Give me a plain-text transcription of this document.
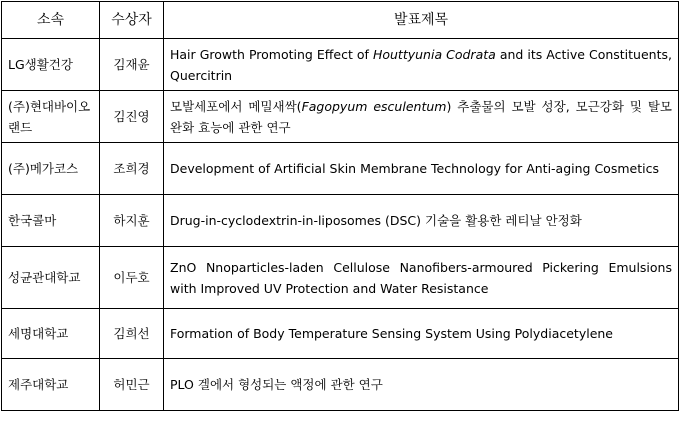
소속	수상자	발표제목
LG생활건강	김재윤	Hair Growth Promoting Effect of Houttyunia Codrata and its Active Constituents, Quercitrin
(주)현대바이오랜드	김진영	모발세포에서 메밀새싹(Fagopyum esculentum) 추출물의 모발 성장, 모근강화 및 탈모 완화 효능에 관한 연구
(주)메가코스	조희경	Development of Artificial Skin Membrane Technology for Anti-aging Cosmetics
한국콜마	하지훈	Drug-in-cyclodextrin-in-liposomes (DSC) 기술을 활용한 레티날 안정화
성균관대학교	이두호	ZnO Nnoparticles-laden Cellulose Nanofibers-armoured Pickering Emulsions with Improved UV Protection and Water Resistance
세명대학교	김희선	Formation of Body Temperature Sensing System Using Polydiacetylene
제주대학교	허민근	PLO 겔에서 형성되는 액정에 관한 연구
